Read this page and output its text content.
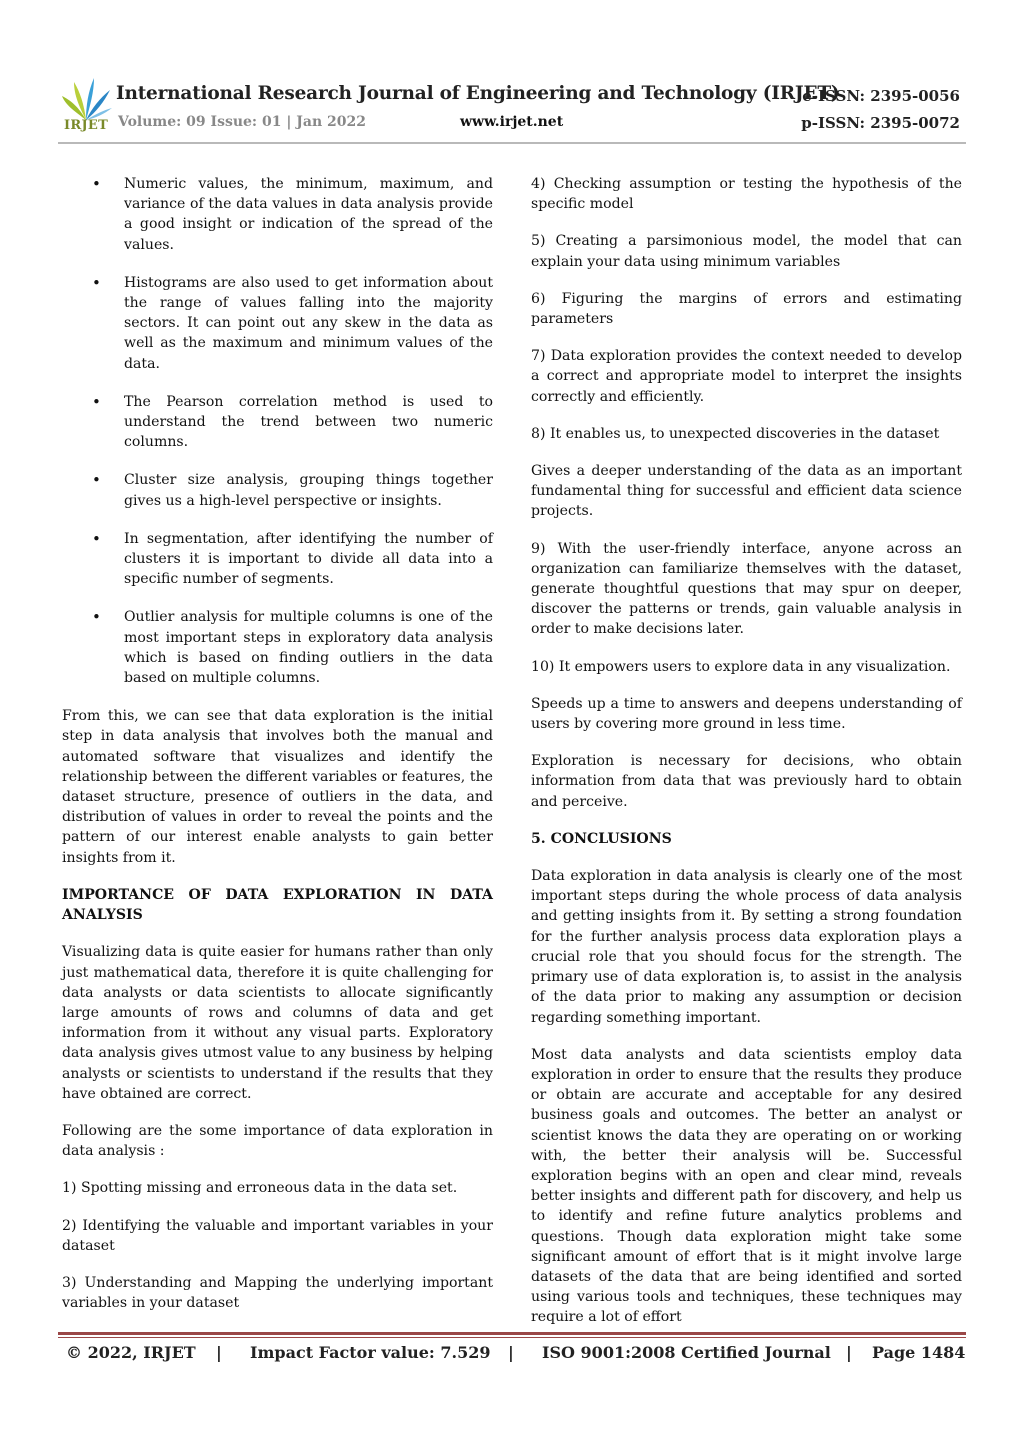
IRJET
International Research Journal of Engineering and Technology (IRJET)
e-ISSN: 2395-0056
Volume: 09 Issue: 01 | Jan 2022	www.irjet.net	p-ISSN: 2395-0072
• Numeric values, the minimum, maximum, and variance of the data values in data analysis provide a good insight or indication of the spread of the values.
• Histograms are also used to get information about the range of values falling into the majority sectors. It can point out any skew in the data as well as the maximum and minimum values of the data.
• The Pearson correlation method is used to understand the trend between two numeric columns.
• Cluster size analysis, grouping things together gives us a high-level perspective or insights.
• In segmentation, after identifying the number of clusters it is important to divide all data into a specific number of segments.
• Outlier analysis for multiple columns is one of the most important steps in exploratory data analysis which is based on finding outliers in the data based on multiple columns.

From this, we can see that data exploration is the initial step in data analysis that involves both the manual and automated software that visualizes and identify the relationship between the different variables or features, the dataset structure, presence of outliers in the data, and distribution of values in order to reveal the points and the pattern of our interest enable analysts to gain better insights from it.

IMPORTANCE OF DATA EXPLORATION IN DATA ANALYSIS

Visualizing data is quite easier for humans rather than only just mathematical data, therefore it is quite challenging for data analysts or data scientists to allocate significantly large amounts of rows and columns of data and get information from it without any visual parts. Exploratory data analysis gives utmost value to any business by helping analysts or scientists to understand if the results that they have obtained are correct.

Following are the some importance of data exploration in data analysis :

1) Spotting missing and erroneous data in the data set.

2) Identifying the valuable and important variables in your dataset

3) Understanding and Mapping the underlying important variables in your dataset

4) Checking assumption or testing the hypothesis of the specific model

5) Creating a parsimonious model, the model that can explain your data using minimum variables

6) Figuring the margins of errors and estimating parameters

7) Data exploration provides the context needed to develop a correct and appropriate model to interpret the insights correctly and efficiently.

8) It enables us, to unexpected discoveries in the dataset

Gives a deeper understanding of the data as an important fundamental thing for successful and efficient data science projects.

9) With the user-friendly interface, anyone across an organization can familiarize themselves with the dataset, generate thoughtful questions that may spur on deeper, discover the patterns or trends, gain valuable analysis in order to make decisions later.

10) It empowers users to explore data in any visualization.

Speeds up a time to answers and deepens understanding of users by covering more ground in less time.

Exploration is necessary for decisions, who obtain information from data that was previously hard to obtain and perceive.

5. CONCLUSIONS

Data exploration in data analysis is clearly one of the most important steps during the whole process of data analysis and getting insights from it. By setting a strong foundation for the further analysis process data exploration plays a crucial role that you should focus for the strength. The primary use of data exploration is, to assist in the analysis of the data prior to making any assumption or decision regarding something important.

Most data analysts and data scientists employ data exploration in order to ensure that the results they produce or obtain are accurate and acceptable for any desired business goals and outcomes. The better an analyst or scientist knows the data they are operating on or working with, the better their analysis will be. Successful exploration begins with an open and clear mind, reveals better insights and different path for discovery, and help us to identify and refine future analytics problems and questions. Though data exploration might take some significant amount of effort that is it might involve large datasets of the data that are being identified and sorted using various tools and techniques, these techniques may require a lot of effort

© 2022, IRJET | Impact Factor value: 7.529 | ISO 9001:2008 Certified Journal | Page 1484
